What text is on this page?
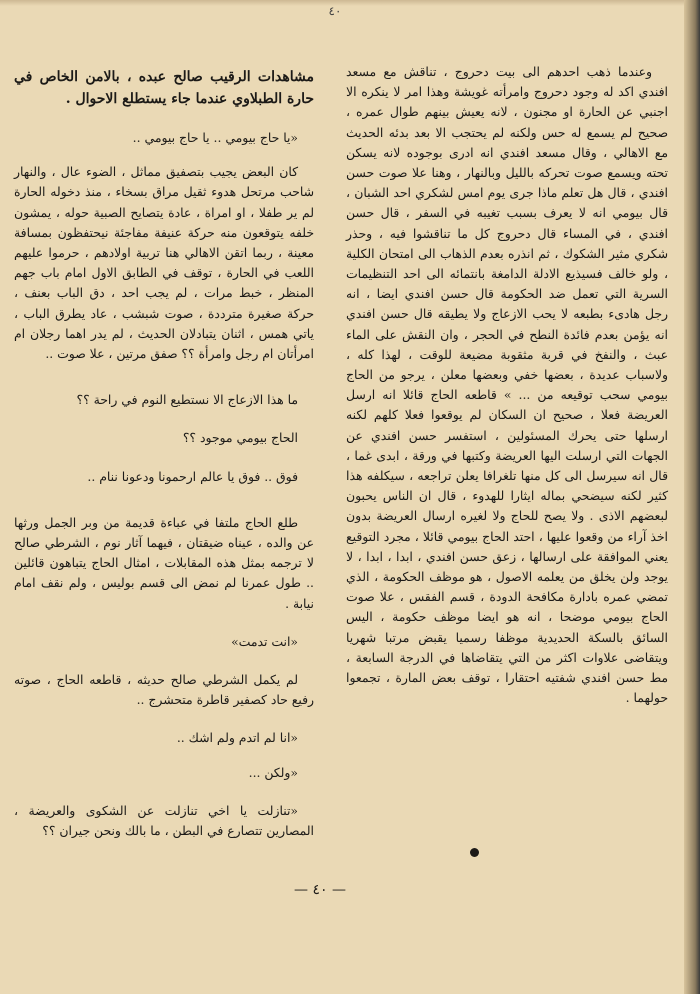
٤٠

وعندما ذهب احدهم الى بيت دحروج ، تناقش مع مسعد افندي اكد له وجود دحروج وامرأته غويشة وهذا امر لا ينكره الا اجنبي عن الحارة او مجنون ، لانه يعيش بينهم طوال عمره ، صحيح لم يسمع له حس ولكنه لم يحتجب الا بعد بدئه الحديث مع الاهالي ، وقال مسعد افندي انه ادرى بوجوده لانه يسكن تحته ويسمع صوت تحركه بالليل وبالنهار ، وهنا علا صوت حسن افندي ، قال هل تعلم ماذا جرى يوم امس لشكري احد الشبان ، قال بيومي انه لا يعرف بسبب تغيبه في السفر ، قال حسن افندي ، في المساء قال دحروج كل ما تناقشوا فيه ، وحذر شكري مثير الشكوك ، ثم انذره بعدم الذهاب الى امتحان الكلية ، ولو خالف فسيذيع الادلة الدامغة بانتمائه الى احد التنظيمات السرية التي تعمل ضد الحكومة قال حسن افندي ايضا ، انه رجل هادىء بطبعه لا يحب الازعاج ولا يطيقه قال حسن افندي انه يؤمن بعدم فائدة النطح في الحجر ، وان النقش على الماء عبث ، والنفخ في قربة مثقوبة مضيعة للوقت ، لهذا كله ، ولاسباب عديدة ، بعضها خفي وبعضها معلن ، يرجو من الحاج بيومي سحب توقيعه من ... » قاطعه الحاج قائلا انه ارسل العريضة فعلا ، صحيح ان السكان لم يوقعوا فعلا كلهم لكنه ارسلها حتى يحرك المسئولين ، استفسر حسن افندي عن الجهات التي ارسلت اليها العريضة وكتبها في ورقة ، ابدى غما ، قال انه سيرسل الى كل منها تلغرافا يعلن تراجعه ، سيكلفه هذا كثير لكنه سيضحي بماله ايثارا للهدوء ، قال ان الناس يحبون لبعضهم الاذى . ولا يصح للحاج ولا لغيره ارسال العريضة بدون اخذ آراء من وقعوا عليها ، احتد الحاج بيومي قائلا ، مجرد التوقيع يعني الموافقة على ارسالها ، زعق حسن افندي ، ابدا ، ابدا ، لا يوجد ولن يخلق من يعلمه الاصول ، هو موظف الحكومة ، الذي تمضي عمره بادارة مكافحة الدودة ، قسم الفقس ، علا صوت الحاج بيومي موضحا ، انه هو ايضا موظف حكومة ، اليس السائق بالسكة الحديدية موظفا رسميا يقبض مرتبا شهريا ويتقاضى علاوات اكثر من التي يتقاضاها في الدرجة السابعة ، مط حسن افندي شفتيه احتقارا ، توقف بعض المارة ، تجمعوا حولهما .

مشاهدات الرقيب صالح عبده ، بالامن الخاص في حارة الطبلاوي عندما جاء يستطلع الاحوال .

«يا حاج بيومي .. يا حاج بيومي ..

كان البعض يجيب بتصفيق مماثل ، الضوء عال ، والنهار شاحب مرتحل هدوء ثقيل مراق بسخاء ، منذ دخوله الحارة لم ير طفلا ، او امراة ، عادة يتصايح الصبية حوله ، يمشون خلفه يتوقعون منه حركة عنيفة مفاجئة نيحتفظون بمسافة معينة ، ربما اتقن الاهالي هنا تربية اولادهم ، حرموا عليهم اللعب في الحارة ، توقف في الطابق الاول امام باب جهم المنظر ، خبط مرات ، لم يجب احد ، دق الباب بعنف ، حركة صغيرة مترددة ، صوت شبشب ، عاد يطرق الباب ، ياتي همس ، اثنان يتبادلان الحديث ، لم يدر اهما رجلان ام امرأتان ام رجل وامرأة ؟؟ صفق مرتين ، علا صوت ..

ما هذا الازعاج الا نستطيع النوم في راحة ؟؟

الحاج بيومي موجود ؟؟

فوق .. فوق يا عالم ارحمونا ودعونا ننام ..

طلع الحاج ملتفا في عباءة قديمة من وبر الجمل ورثها عن والده ، عيناه ضيقتان ، فيهما آثار نوم ، الشرطي صالح لا ترجمه بمثل هذه المقابلات ، امثال الحاج يتباهون قائلين .. طول عمرنا لم نمض الى قسم بوليس ، ولم نقف امام نيابة .

«انت تدمت»

لم يكمل الشرطي صالح حديثه ، قاطعه الحاج ، صوته رفيع حاد كصفير قاطرة متحشرج ..

«انا لم اتدم ولم اشك ..

«ولكن ...

«تنازلت يا اخي تنازلت عن الشكوى والعريضة ، المصارين تتصارع في البطن ، ما بالك ونحن جيران ؟؟

— ٤٠ —
